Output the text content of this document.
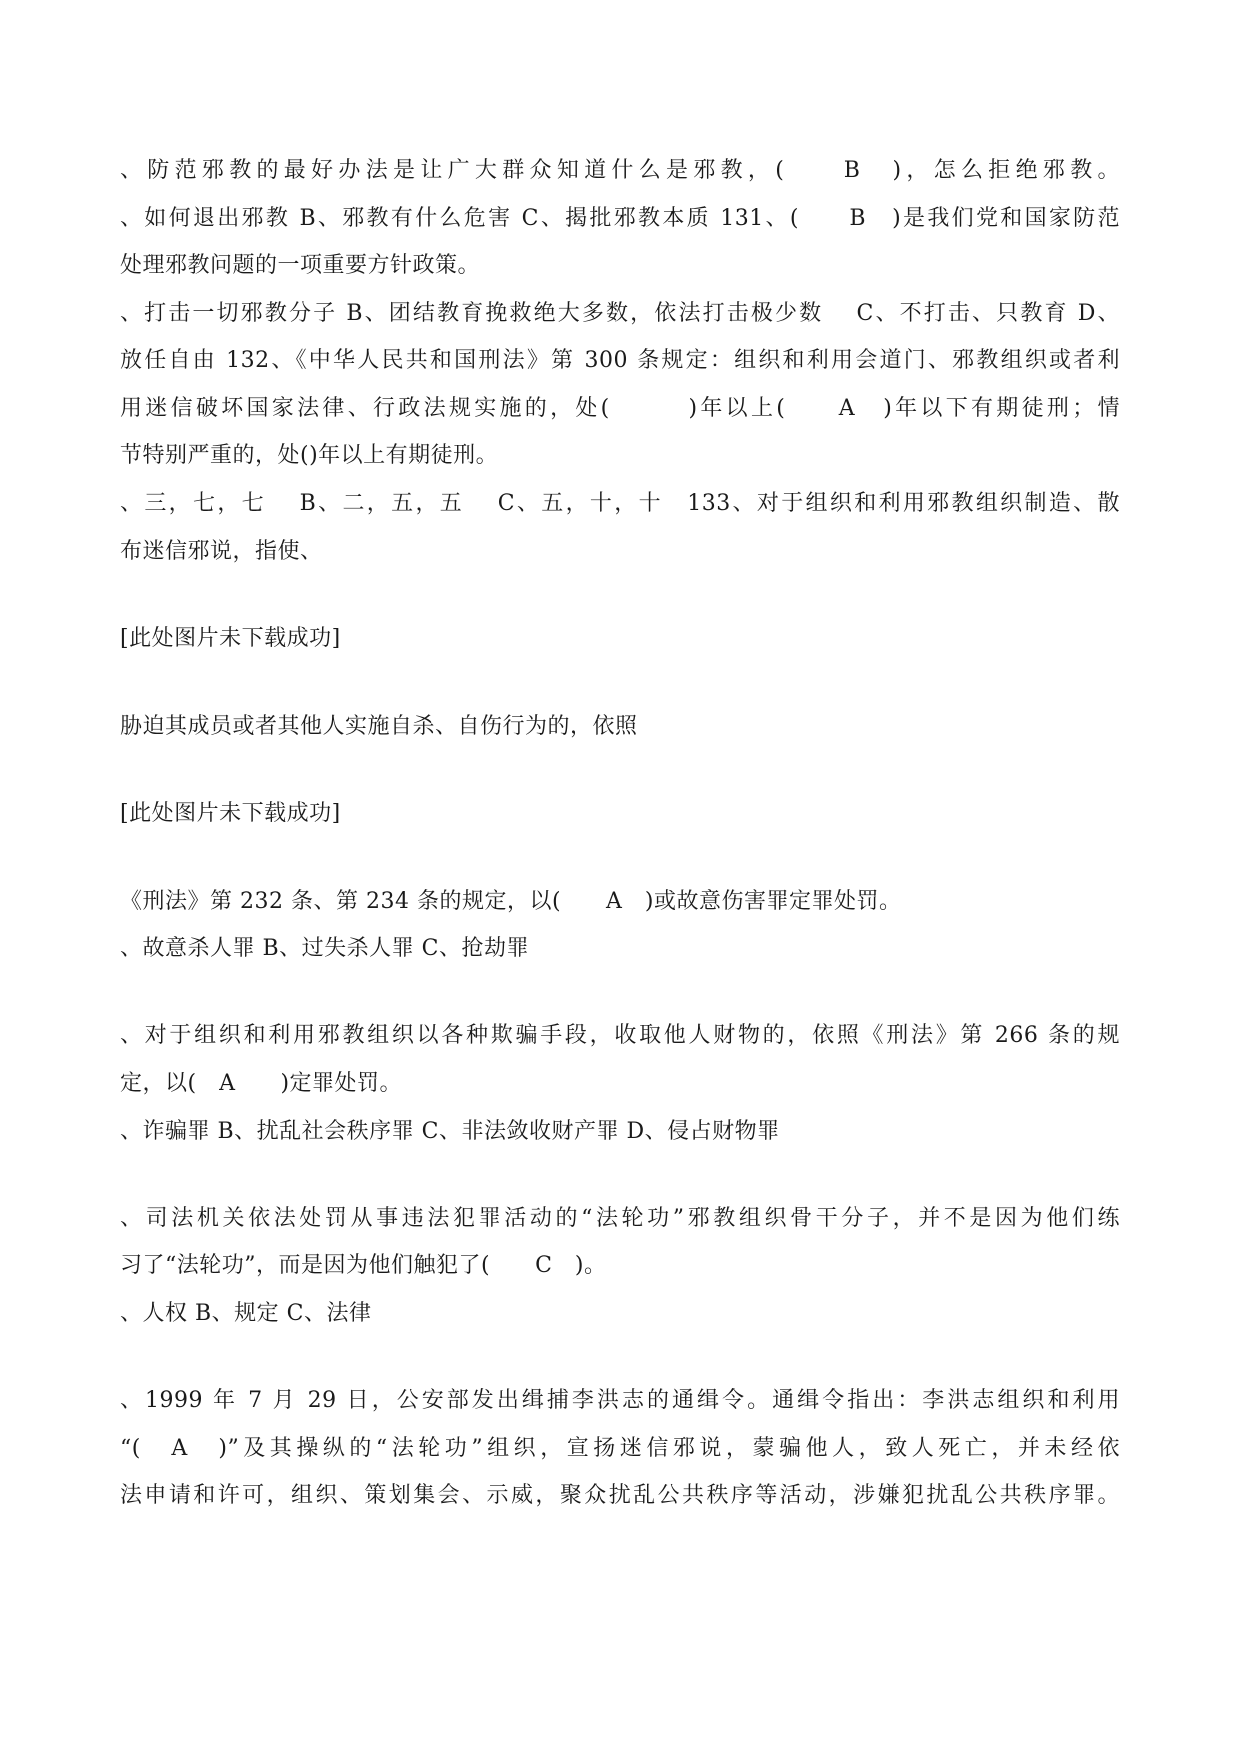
、防范邪教的最好办法是让广大群众知道什么是邪教，(　　B　)，怎么拒绝邪教。
、如何退出邪教 B、邪教有什么危害 C、揭批邪教本质 131、(　　B　)是我们党和国家防范
处理邪教问题的一项重要方针政策。
、打击一切邪教分子 B、团结教育挽救绝大多数，依法打击极少数　 C、不打击、只教育 D、
放任自由 132、《中华人民共和国刑法》第 300 条规定：组织和利用会道门、邪教组织或者利
用迷信破坏国家法律、行政法规实施的，处(　　　)年以上(　　A　)年以下有期徒刑；情
节特别严重的，处()年以上有期徒刑。
、三，七，七　 B、二，五，五　 C、五，十，十　133、对于组织和利用邪教组织制造、散
布迷信邪说，指使、
[此处图片未下载成功]
胁迫其成员或者其他人实施自杀、自伤行为的，依照
[此处图片未下载成功]
《刑法》第 232 条、第 234 条的规定，以(　　A　)或故意伤害罪定罪处罚。
、故意杀人罪 B、过失杀人罪 C、抢劫罪
、对于组织和利用邪教组织以各种欺骗手段，收取他人财物的，依照《刑法》第 266 条的规
定，以(　A　　)定罪处罚。
、诈骗罪 B、扰乱社会秩序罪 C、非法敛收财产罪 D、侵占财物罪
、司法机关依法处罚从事违法犯罪活动的“法轮功”邪教组织骨干分子，并不是因为他们练
习了“法轮功”，而是因为他们触犯了(　　C　)。
、人权 B、规定 C、法律
、1999 年 7 月 29 日，公安部发出缉捕李洪志的通缉令。通缉令指出：李洪志组织和利用
“(　A　)”及其操纵的“法轮功”组织，宣扬迷信邪说，蒙骗他人，致人死亡，并未经依
法申请和许可，组织、策划集会、示威，聚众扰乱公共秩序等活动，涉嫌犯扰乱公共秩序罪。
